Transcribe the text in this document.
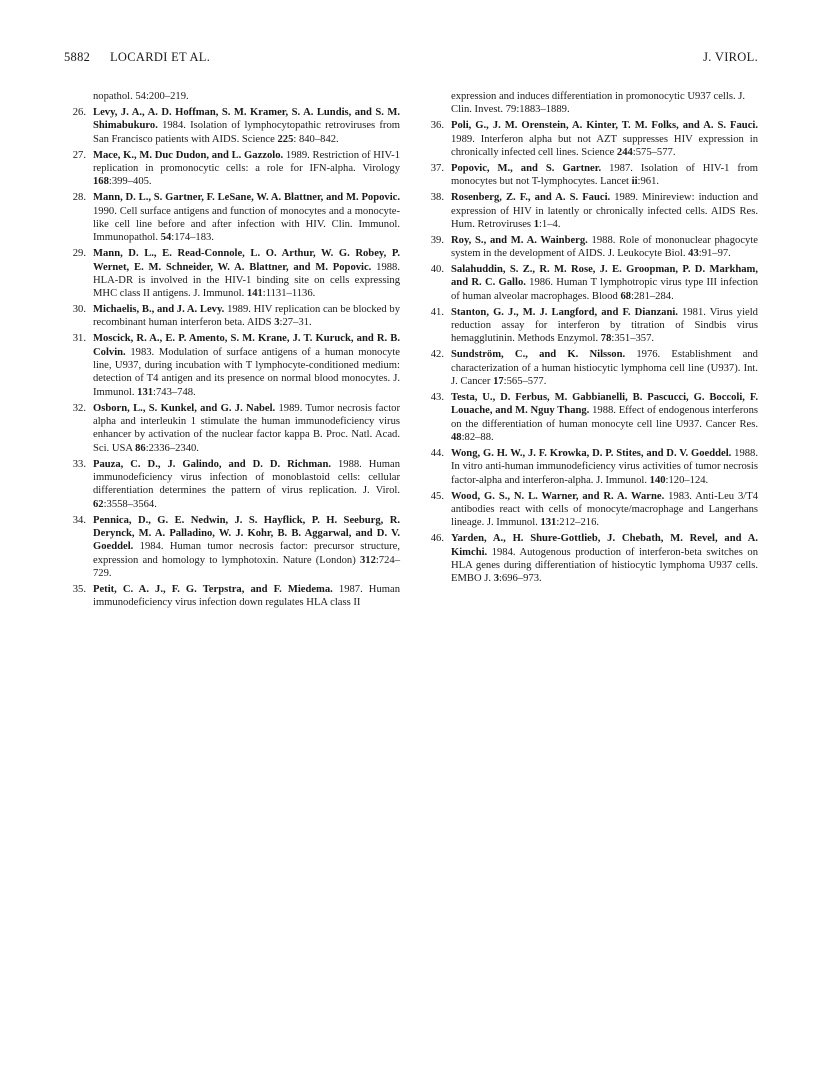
5882 LOCARDI ET AL.	J. VIROL.

nopathol. 54:200–219.

26. Levy, J. A., A. D. Hoffman, S. M. Kramer, S. A. Lundis, and S. M. Shimabukuro. 1984. Isolation of lymphocytopathic retroviruses from San Francisco patients with AIDS. Science 225: 840–842.

27. Mace, K., M. Duc Dudon, and L. Gazzolo. 1989. Restriction of HIV-1 replication in promonocytic cells: a role for IFN-alpha. Virology 168:399–405.

28. Mann, D. L., S. Gartner, F. LeSane, W. A. Blattner, and M. Popovic. 1990. Cell surface antigens and function of monocytes and a monocyte-like cell line before and after infection with HIV. Clin. Immunol. Immunopathol. 54:174–183.

29. Mann, D. L., E. Read-Connole, L. O. Arthur, W. G. Robey, P. Wernet, E. M. Schneider, W. A. Blattner, and M. Popovic. 1988. HLA-DR is involved in the HIV-1 binding site on cells expressing MHC class II antigens. J. Immunol. 141:1131–1136.

30. Michaelis, B., and J. A. Levy. 1989. HIV replication can be blocked by recombinant human interferon beta. AIDS 3:27–31.

31. Moscick, R. A., E. P. Amento, S. M. Krane, J. T. Kuruck, and R. B. Colvin. 1983. Modulation of surface antigens of a human monocyte line, U937, during incubation with T lymphocyte-conditioned medium: detection of T4 antigen and its presence on normal blood monocytes. J. Immunol. 131:743–748.

32. Osborn, L., S. Kunkel, and G. J. Nabel. 1989. Tumor necrosis factor alpha and interleukin 1 stimulate the human immunodeficiency virus enhancer by activation of the nuclear factor kappa B. Proc. Natl. Acad. Sci. USA 86:2336–2340.

33. Pauza, C. D., J. Galindo, and D. D. Richman. 1988. Human immunodeficiency virus infection of monoblastoid cells: cellular differentiation determines the pattern of virus replication. J. Virol. 62:3558–3564.

34. Pennica, D., G. E. Nedwin, J. S. Hayflick, P. H. Seeburg, R. Derynck, M. A. Palladino, W. J. Kohr, B. B. Aggarwal, and D. V. Goeddel. 1984. Human tumor necrosis factor: precursor structure, expression and homology to lymphotoxin. Nature (London) 312:724–729.

35. Petit, C. A. J., F. G. Terpstra, and F. Miedema. 1987. Human immunodeficiency virus infection down regulates HLA class II

expression and induces differentiation in promonocytic U937 cells. J. Clin. Invest. 79:1883–1889.

36. Poli, G., J. M. Orenstein, A. Kinter, T. M. Folks, and A. S. Fauci. 1989. Interferon alpha but not AZT suppresses HIV expression in chronically infected cell lines. Science 244:575–577.

37. Popovic, M., and S. Gartner. 1987. Isolation of HIV-1 from monocytes but not T-lymphocytes. Lancet ii:961.

38. Rosenberg, Z. F., and A. S. Fauci. 1989. Minireview: induction and expression of HIV in latently or chronically infected cells. AIDS Res. Hum. Retroviruses 1:1–4.

39. Roy, S., and M. A. Wainberg. 1988. Role of mononuclear phagocyte system in the development of AIDS. J. Leukocyte Biol. 43:91–97.

40. Salahuddin, S. Z., R. M. Rose, J. E. Groopman, P. D. Markham, and R. C. Gallo. 1986. Human T lymphotropic virus type III infection of human alveolar macrophages. Blood 68:281–284.

41. Stanton, G. J., M. J. Langford, and F. Dianzani. 1981. Virus yield reduction assay for interferon by titration of Sindbis virus hemagglutinin. Methods Enzymol. 78:351–357.

42. Sundström, C., and K. Nilsson. 1976. Establishment and characterization of a human histiocytic lymphoma cell line (U937). Int. J. Cancer 17:565–577.

43. Testa, U., D. Ferbus, M. Gabbianelli, B. Pascucci, G. Boccoli, F. Louache, and M. Nguy Thang. 1988. Effect of endogenous interferons on the differentiation of human monocyte cell line U937. Cancer Res. 48:82–88.

44. Wong, G. H. W., J. F. Krowka, D. P. Stites, and D. V. Goeddel. 1988. In vitro anti-human immunodeficiency virus activities of tumor necrosis factor-alpha and interferon-alpha. J. Immunol. 140:120–124.

45. Wood, G. S., N. L. Warner, and R. A. Warne. 1983. Anti-Leu 3/T4 antibodies react with cells of monocyte/macrophage and Langerhans lineage. J. Immunol. 131:212–216.

46. Yarden, A., H. Shure-Gottlieb, J. Chebath, M. Revel, and A. Kimchi. 1984. Autogenous production of interferon-beta switches on HLA genes during differentiation of histiocytic lymphoma U937 cells. EMBO J. 3:696–973.
